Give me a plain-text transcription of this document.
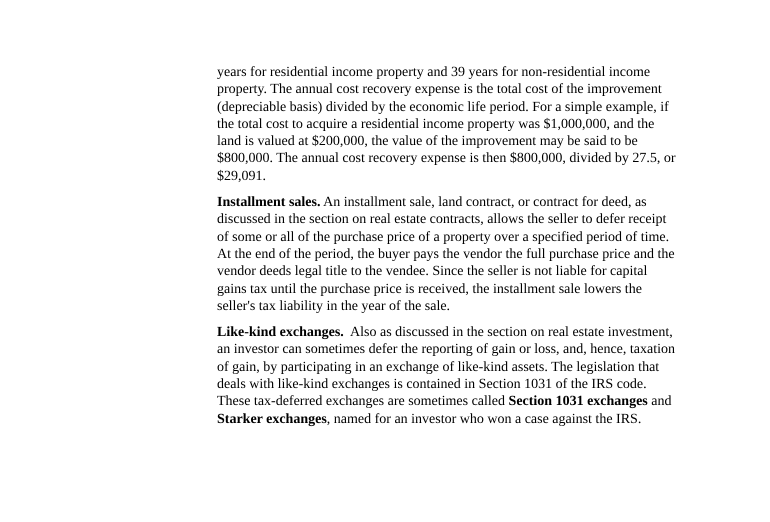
years for residential income property and 39 years for non-residential income
property. The annual cost recovery expense is the total cost of the improvement
(depreciable basis) divided by the economic life period. For a simple example, if
the total cost to acquire a residential income property was $1,000,000, and the
land is valued at $200,000, the value of the improvement may be said to be
$800,000. The annual cost recovery expense is then $800,000, divided by 27.5, or
$29,091.
Installment sales. An installment sale, land contract, or contract for deed, as
discussed in the section on real estate contracts, allows the seller to defer receipt
of some or all of the purchase price of a property over a specified period of time.
At the end of the period, the buyer pays the vendor the full purchase price and the
vendor deeds legal title to the vendee. Since the seller is not liable for capital
gains tax until the purchase price is received, the installment sale lowers the
seller's tax liability in the year of the sale.
Like-kind exchanges.  Also as discussed in the section on real estate investment,
an investor can sometimes defer the reporting of gain or loss, and, hence, taxation
of gain, by participating in an exchange of like-kind assets. The legislation that
deals with like-kind exchanges is contained in Section 1031 of the IRS code.
These tax-deferred exchanges are sometimes called Section 1031 exchanges and
Starker exchanges, named for an investor who won a case against the IRS.
